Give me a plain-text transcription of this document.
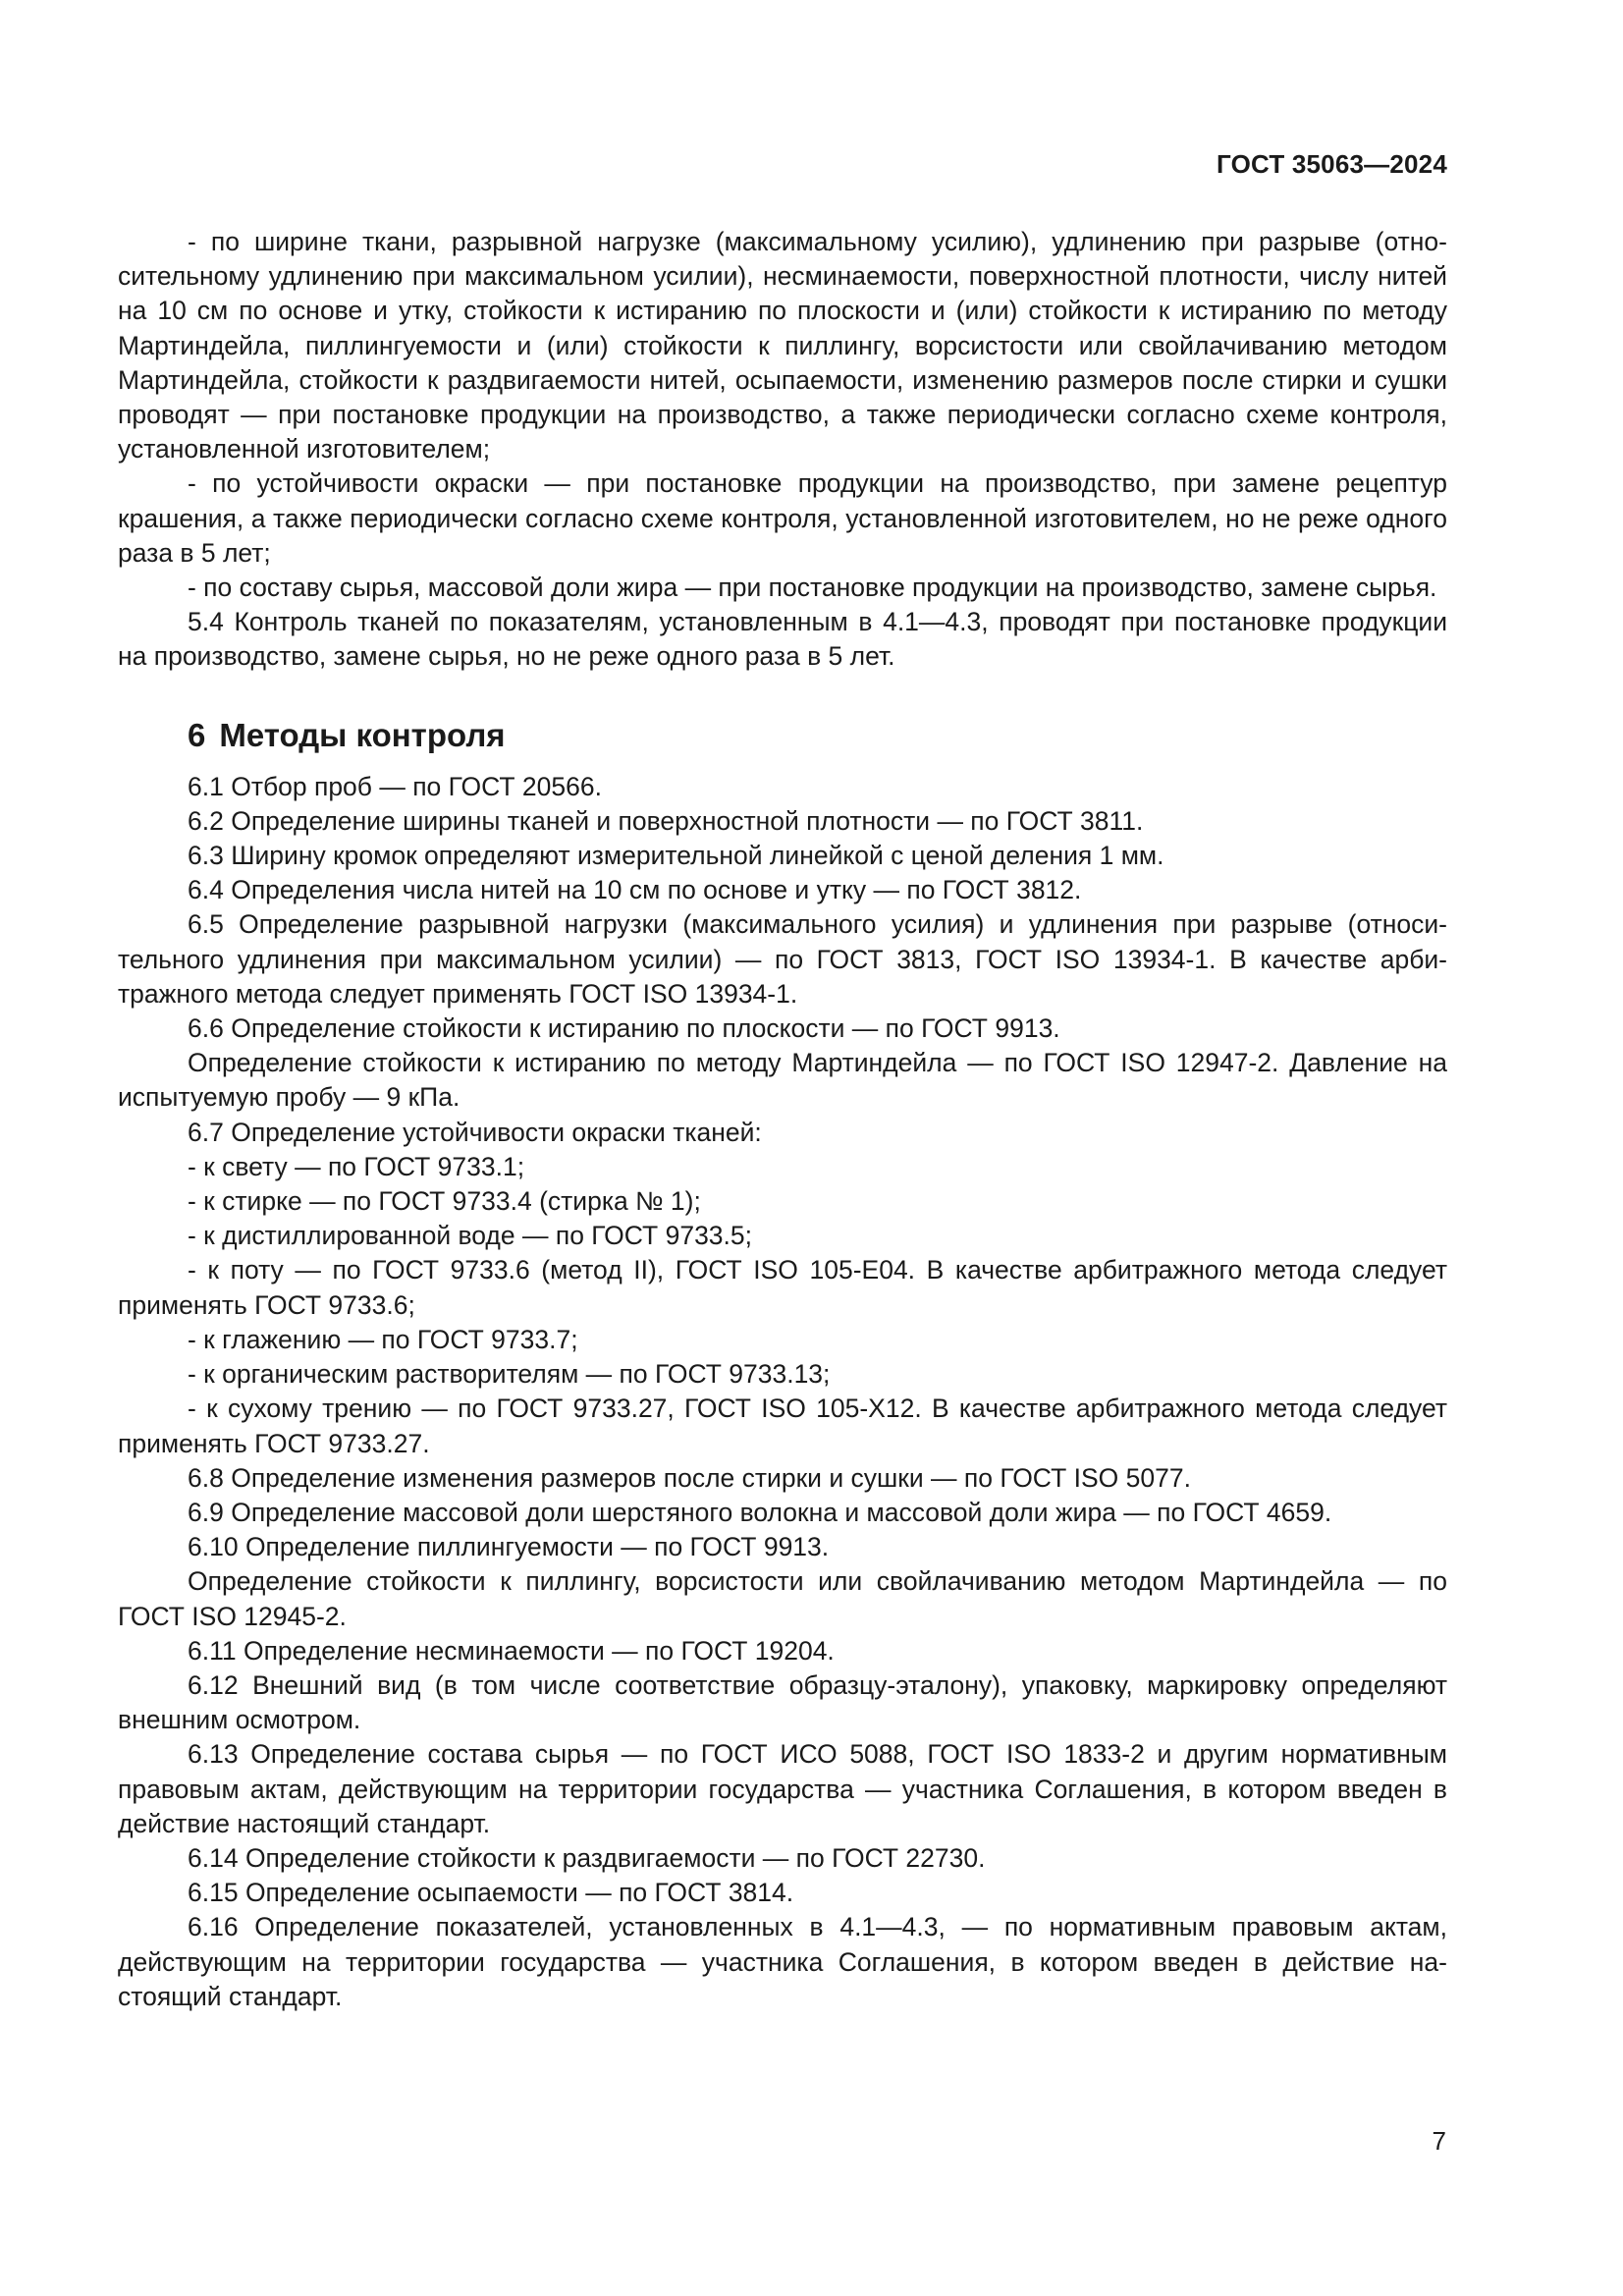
ГОСТ 35063—2024

- по ширине ткани, разрывной нагрузке (максимальному усилию), удлинению при разрыве (относительному удлинению при максимальном усилии), несминаемости, поверхностной плотности, числу нитей на 10 см по основе и утку, стойкости к истиранию по плоскости и (или) стойкости к истиранию по методу Мартиндейла, пиллингуемости и (или) стойкости к пиллингу, ворсистости или свойлачиванию методом Мартиндейла, стойкости к раздвигаемости нитей, осыпаемости, изменению размеров после стирки и сушки проводят — при постановке продукции на производство, а также периодически согласно схеме контроля, установленной изготовителем;

- по устойчивости окраски — при постановке продукции на производство, при замене рецептур крашения, а также периодически согласно схеме контроля, установленной изготовителем, но не реже одного раза в 5 лет;

- по составу сырья, массовой доли жира — при постановке продукции на производство, замене сырья.

5.4 Контроль тканей по показателям, установленным в 4.1—4.3, проводят при постановке продукции на производство, замене сырья, но не реже одного раза в 5 лет.

6 Методы контроля

6.1 Отбор проб — по ГОСТ 20566.

6.2 Определение ширины тканей и поверхностной плотности — по ГОСТ 3811.

6.3 Ширину кромок определяют измерительной линейкой с ценой деления 1 мм.

6.4 Определения числа нитей на 10 см по основе и утку — по ГОСТ 3812.

6.5 Определение разрывной нагрузки (максимального усилия) и удлинения при разрыве (относительного удлинения при максимальном усилии) — по ГОСТ 3813, ГОСТ ISO 13934-1. В качестве арбитражного метода следует применять ГОСТ ISO 13934-1.

6.6 Определение стойкости к истиранию по плоскости — по ГОСТ 9913.

Определение стойкости к истиранию по методу Мартиндейла — по ГОСТ ISO 12947-2. Давление на испытуемую пробу — 9 кПа.

6.7 Определение устойчивости окраски тканей:

- к свету — по ГОСТ 9733.1;

- к стирке — по ГОСТ 9733.4 (стирка № 1);

- к дистиллированной воде — по ГОСТ 9733.5;

- к поту — по ГОСТ 9733.6 (метод II), ГОСТ ISO 105-E04. В качестве арбитражного метода следует применять ГОСТ 9733.6;

- к глажению — по ГОСТ 9733.7;

- к органическим растворителям — по ГОСТ 9733.13;

- к сухому трению — по ГОСТ 9733.27, ГОСТ ISO 105-X12. В качестве арбитражного метода следует применять ГОСТ 9733.27.

6.8 Определение изменения размеров после стирки и сушки — по ГОСТ ISO 5077.

6.9 Определение массовой доли шерстяного волокна и массовой доли жира — по ГОСТ 4659.

6.10 Определение пиллингуемости — по ГОСТ 9913.

Определение стойкости к пиллингу, ворсистости или свойлачиванию методом Мартиндейла — по ГОСТ ISO 12945-2.

6.11 Определение несминаемости — по ГОСТ 19204.

6.12 Внешний вид (в том числе соответствие образцу-эталону), упаковку, маркировку определяют внешним осмотром.

6.13 Определение состава сырья — по ГОСТ ИСО 5088, ГОСТ ISO 1833-2 и другим нормативным правовым актам, действующим на территории государства — участника Соглашения, в котором введен в действие настоящий стандарт.

6.14 Определение стойкости к раздвигаемости — по ГОСТ 22730.

6.15 Определение осыпаемости — по ГОСТ 3814.

6.16 Определение показателей, установленных в 4.1—4.3, — по нормативным правовым актам, действующим на территории государства — участника Соглашения, в котором введен в действие настоящий стандарт.

7
